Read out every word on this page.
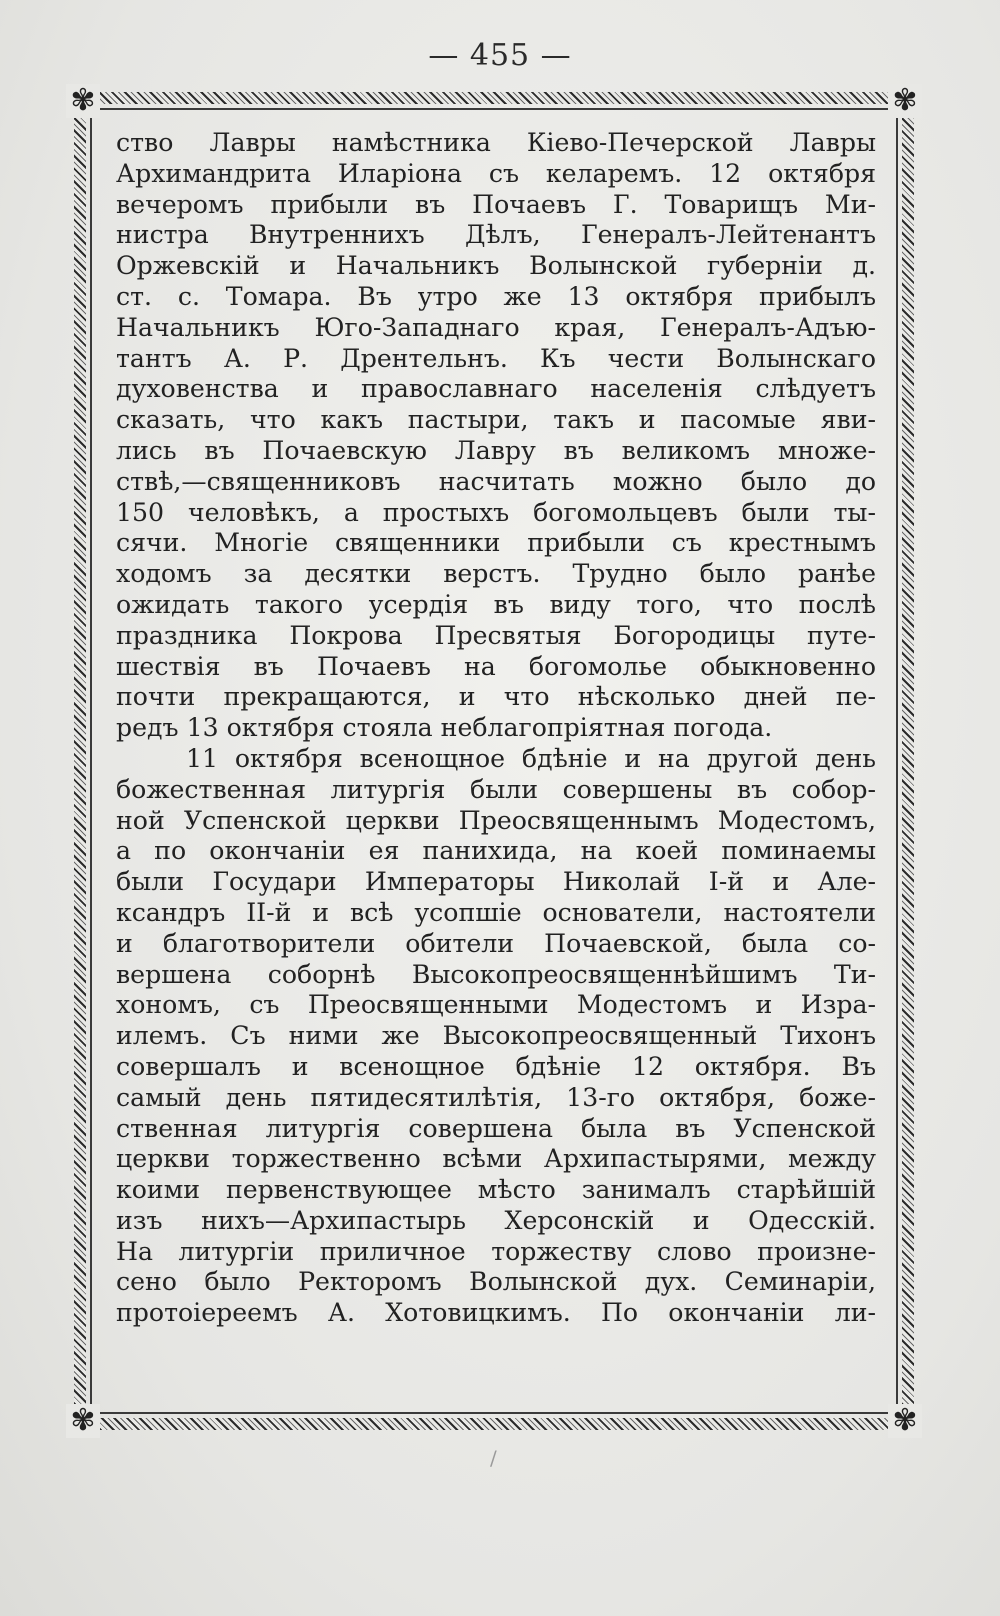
— 455 —
✾	✾
✾	✾
ство Лавры намѣстника Кіево-Печерской Лавры
Архимандрита Иларіона съ келаремъ. 12 октября
вечеромъ прибыли въ Почаевъ Г. Товарищъ Ми-
нистра Внутреннихъ Дѣлъ, Генералъ-Лейтенантъ
Оржевскій и Начальникъ Волынской губерніи д.
ст. с. Томара. Въ утро же 13 октября прибылъ
Начальникъ Юго-Западнаго края, Генералъ-Адъю-
тантъ А. Р. Дрентельнъ. Къ чести Волынскаго
духовенства и православнаго населенія слѣдуетъ
сказать, что какъ пастыри, такъ и пасомые яви-
лись въ Почаевскую Лавру въ великомъ множе-
ствѣ,—священниковъ насчитать можно было до
150 человѣкъ, а простыхъ богомольцевъ были ты-
сячи. Многіе священники прибыли съ крестнымъ
ходомъ за десятки верстъ. Трудно было ранѣе
ожидать такого усердія въ виду того, что послѣ
праздника Покрова Пресвятыя Богородицы путе-
шествія въ Почаевъ на богомолье обыкновенно
почти прекращаются, и что нѣсколько дней пе-
редъ 13 октября стояла неблагопріятная погода.
11 октября всенощное бдѣніе и на другой день
божественная литургія были совершены въ собор-
ной Успенской церкви Преосвященнымъ Модестомъ,
а по окончаніи ея панихида, на коей поминаемы
были Государи Императоры Николай І-й и Але-
ксандръ II-й и всѣ усопшіе основатели, настоятели
и благотворители обители Почаевской, была со-
вершена соборнѣ Высокопреосвященнѣйшимъ Ти-
хономъ, съ Преосвященными Модестомъ и Изра-
илемъ. Съ ними же Высокопреосвященный Тихонъ
совершалъ и всенощное бдѣніе 12 октября. Въ
самый день пятидесятилѣтія, 13-го октября, боже-
ственная литургія совершена была въ Успенской
церкви торжественно всѣми Архипастырями, между
коими первенствующее мѣсто занималъ старѣйшій
изъ нихъ—Архипастырь Херсонскій и Одесскій.
На литургіи приличное торжеству слово произне-
сено было Ректоромъ Волынской дух. Семинаріи,
протоіереемъ А. Хотовицкимъ. По окончаніи ли-
/
